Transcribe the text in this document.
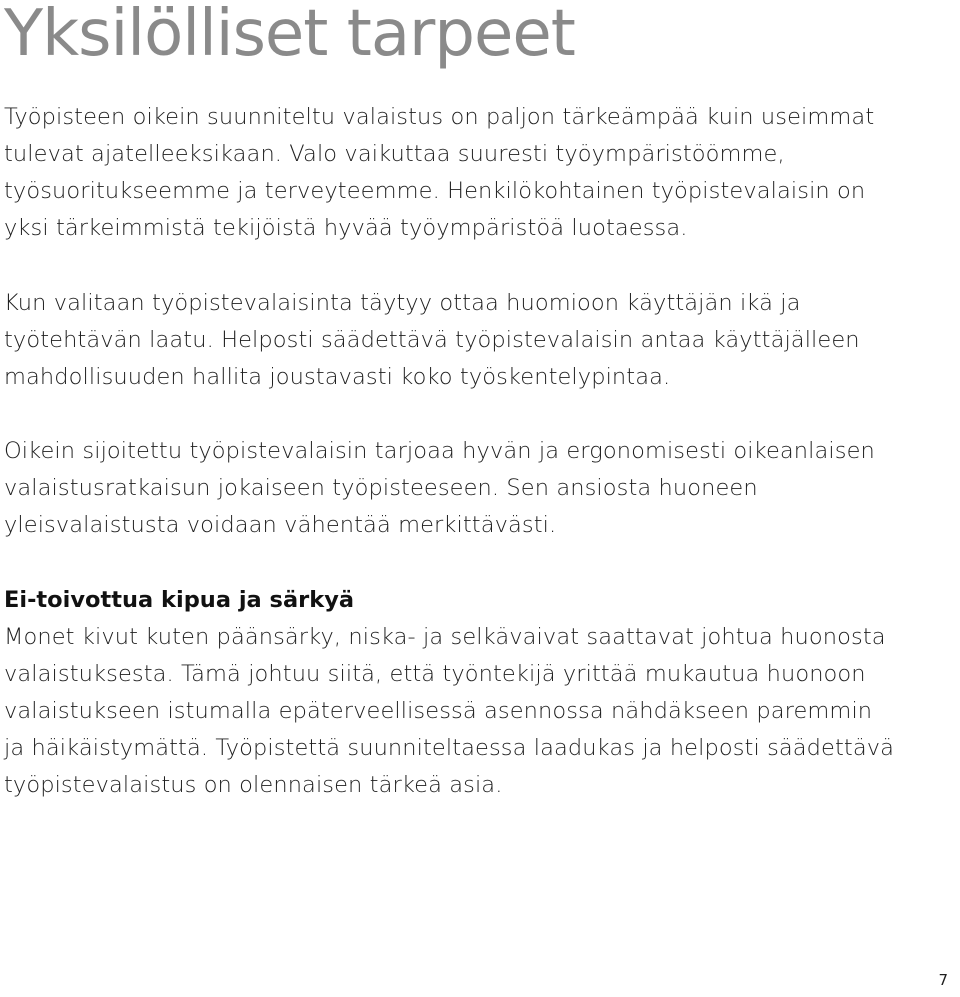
Yksilölliset tarpeet

Työpisteen oikein suunniteltu valaistus on paljon tärkeämpää kuin useimmat
tulevat ajatelleeksikaan. Valo vaikuttaa suuresti työympäristöömme,
työsuoritukseemme ja terveyteemme. Henkilökohtainen työpistevalaisin on
yksi tärkeimmistä tekijöistä hyvää työympäristöä luotaessa.

Kun valitaan työpistevalaisinta täytyy ottaa huomioon käyttäjän ikä ja
työtehtävän laatu. Helposti säädettävä työpistevalaisin antaa käyttäjälleen
mahdollisuuden hallita joustavasti koko työskentelypintaa.

Oikein sijoitettu työpistevalaisin tarjoaa hyvän ja ergonomisesti oikeanlaisen
valaistusratkaisun jokaiseen työpisteeseen. Sen ansiosta huoneen
yleisvalaistusta voidaan vähentää merkittävästi.

Ei-toivottua kipua ja särkyä

Monet kivut kuten päänsärky, niska- ja selkävaivat saattavat johtua huonosta
valaistuksesta. Tämä johtuu siitä, että työntekijä yrittää mukautua huonoon
valaistukseen istumalla epäterveellisessä asennossa nähdäkseen paremmin
ja häikäistymättä. Työpistettä suunniteltaessa laadukas ja helposti säädettävä
työpistevalaistus on olennaisen tärkeä asia.

7
